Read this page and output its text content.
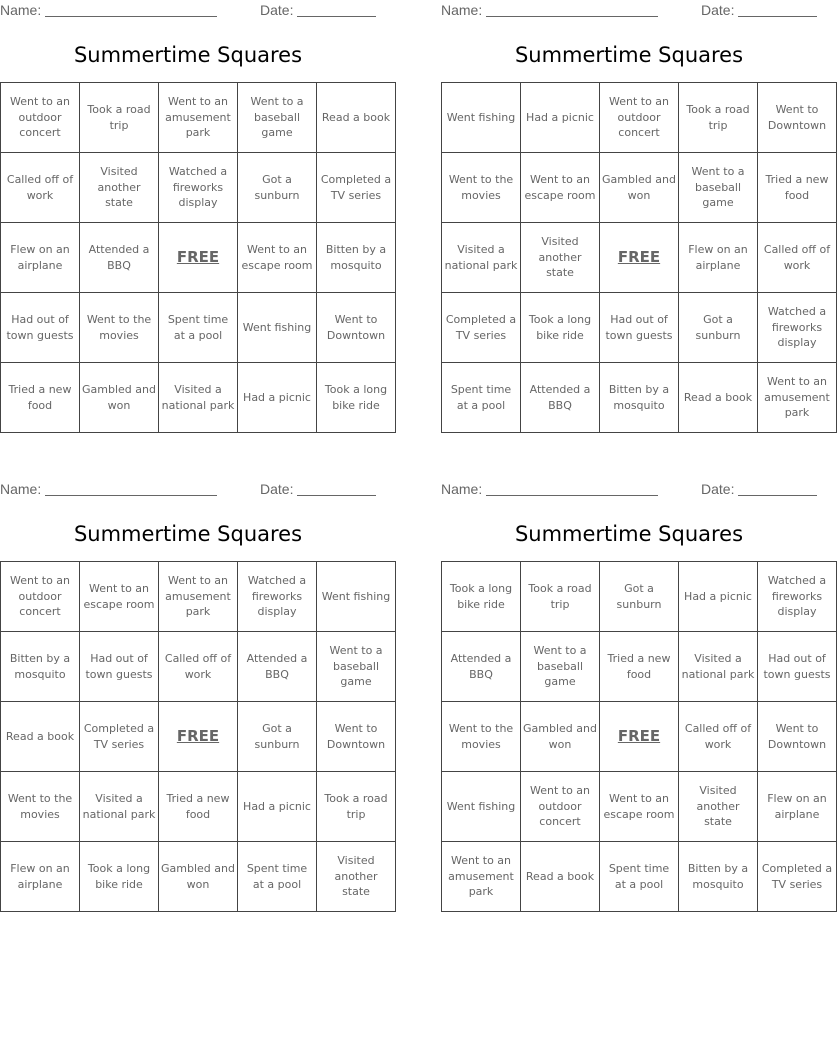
Name:	Date:
Summertime Squares
Went to an outdoor concert	Took a road trip	Went to an amusement park	Went to a baseball game	Read a book
Called off of work	Visited another state	Watched a fireworks display	Got a sunburn	Completed a TV series
Flew on an airplane	Attended a BBQ	FREE	Went to an escape room	Bitten by a mosquito
Had out of town guests	Went to the movies	Spent time at a pool	Went fishing	Went to Downtown
Tried a new food	Gambled and won	Visited a national park	Had a picnic	Took a long bike ride
Name:	Date:
Summertime Squares
Went fishing	Had a picnic	Went to an outdoor concert	Took a road trip	Went to Downtown
Went to the movies	Went to an escape room	Gambled and won	Went to a baseball game	Tried a new food
Visited a national park	Visited another state	FREE	Flew on an airplane	Called off of work
Completed a TV series	Took a long bike ride	Had out of town guests	Got a sunburn	Watched a fireworks display
Spent time at a pool	Attended a BBQ	Bitten by a mosquito	Read a book	Went to an amusement park
Name:	Date:
Summertime Squares
Went to an outdoor concert	Went to an escape room	Went to an amusement park	Watched a fireworks display	Went fishing
Bitten by a mosquito	Had out of town guests	Called off of work	Attended a BBQ	Went to a baseball game
Read a book	Completed a TV series	FREE	Got a sunburn	Went to Downtown
Went to the movies	Visited a national park	Tried a new food	Had a picnic	Took a road trip
Flew on an airplane	Took a long bike ride	Gambled and won	Spent time at a pool	Visited another state
Name:	Date:
Summertime Squares
Took a long bike ride	Took a road trip	Got a sunburn	Had a picnic	Watched a fireworks display
Attended a BBQ	Went to a baseball game	Tried a new food	Visited a national park	Had out of town guests
Went to the movies	Gambled and won	FREE	Called off of work	Went to Downtown
Went fishing	Went to an outdoor concert	Went to an escape room	Visited another state	Flew on an airplane
Went to an amusement park	Read a book	Spent time at a pool	Bitten by a mosquito	Completed a TV series
